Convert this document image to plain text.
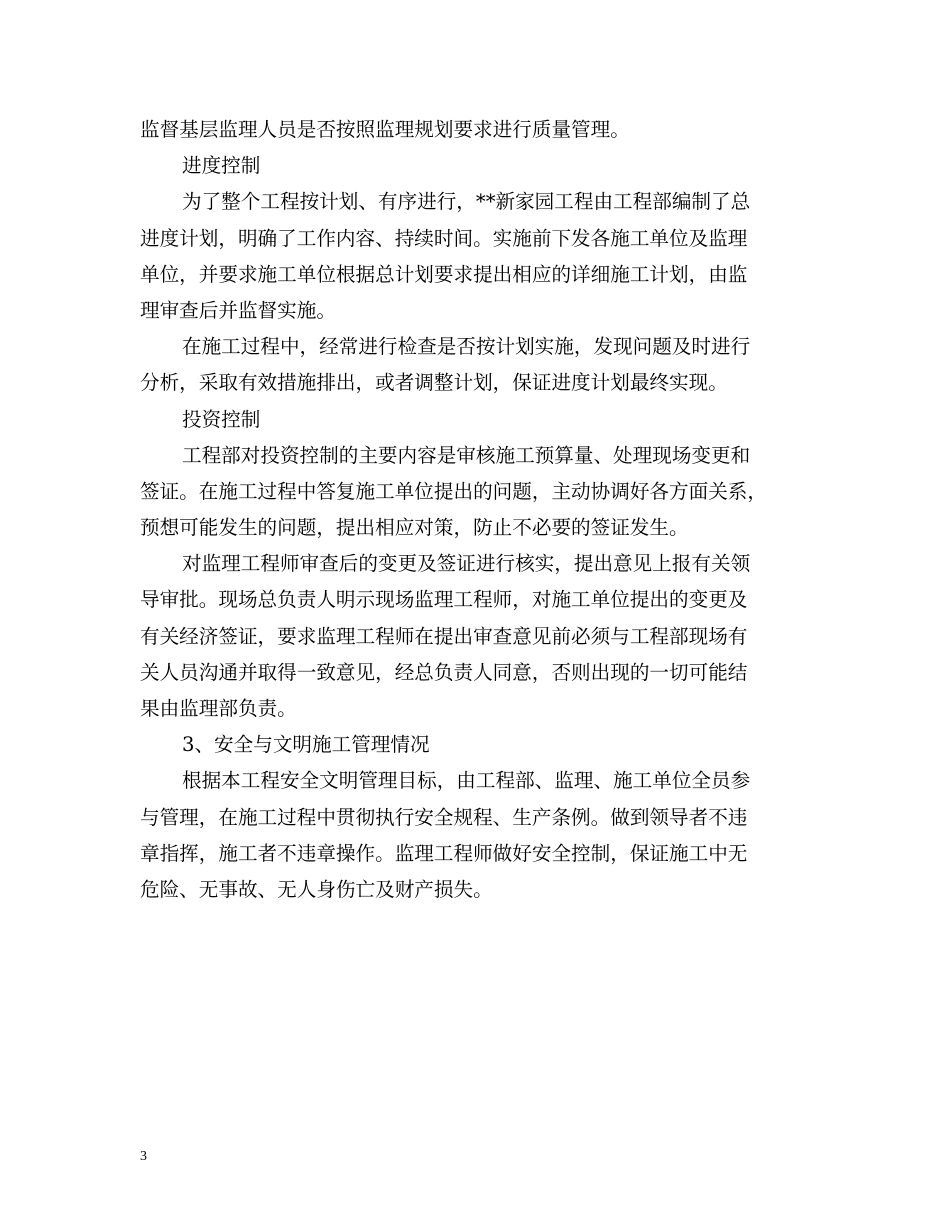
监督基层监理人员是否按照监理规划要求进行质量管理。
进度控制
为了整个工程按计划、有序进行，**新家园工程由工程部编制了总
进度计划，明确了工作内容、持续时间。实施前下发各施工单位及监理
单位，并要求施工单位根据总计划要求提出相应的详细施工计划，由监
理审查后并监督实施。
在施工过程中，经常进行检查是否按计划实施，发现问题及时进行
分析，采取有效措施排出，或者调整计划，保证进度计划最终实现。
投资控制
工程部对投资控制的主要内容是审核施工预算量、处理现场变更和
签证。在施工过程中答复施工单位提出的问题，主动协调好各方面关系，
预想可能发生的问题，提出相应对策，防止不必要的签证发生。
对监理工程师审查后的变更及签证进行核实，提出意见上报有关领
导审批。现场总负责人明示现场监理工程师，对施工单位提出的变更及
有关经济签证，要求监理工程师在提出审查意见前必须与工程部现场有
关人员沟通并取得一致意见，经总负责人同意，否则出现的一切可能结
果由监理部负责。
3、安全与文明施工管理情况
根据本工程安全文明管理目标，由工程部、监理、施工单位全员参
与管理，在施工过程中贯彻执行安全规程、生产条例。做到领导者不违
章指挥，施工者不违章操作。监理工程师做好安全控制，保证施工中无
危险、无事故、无人身伤亡及财产损失。
3
